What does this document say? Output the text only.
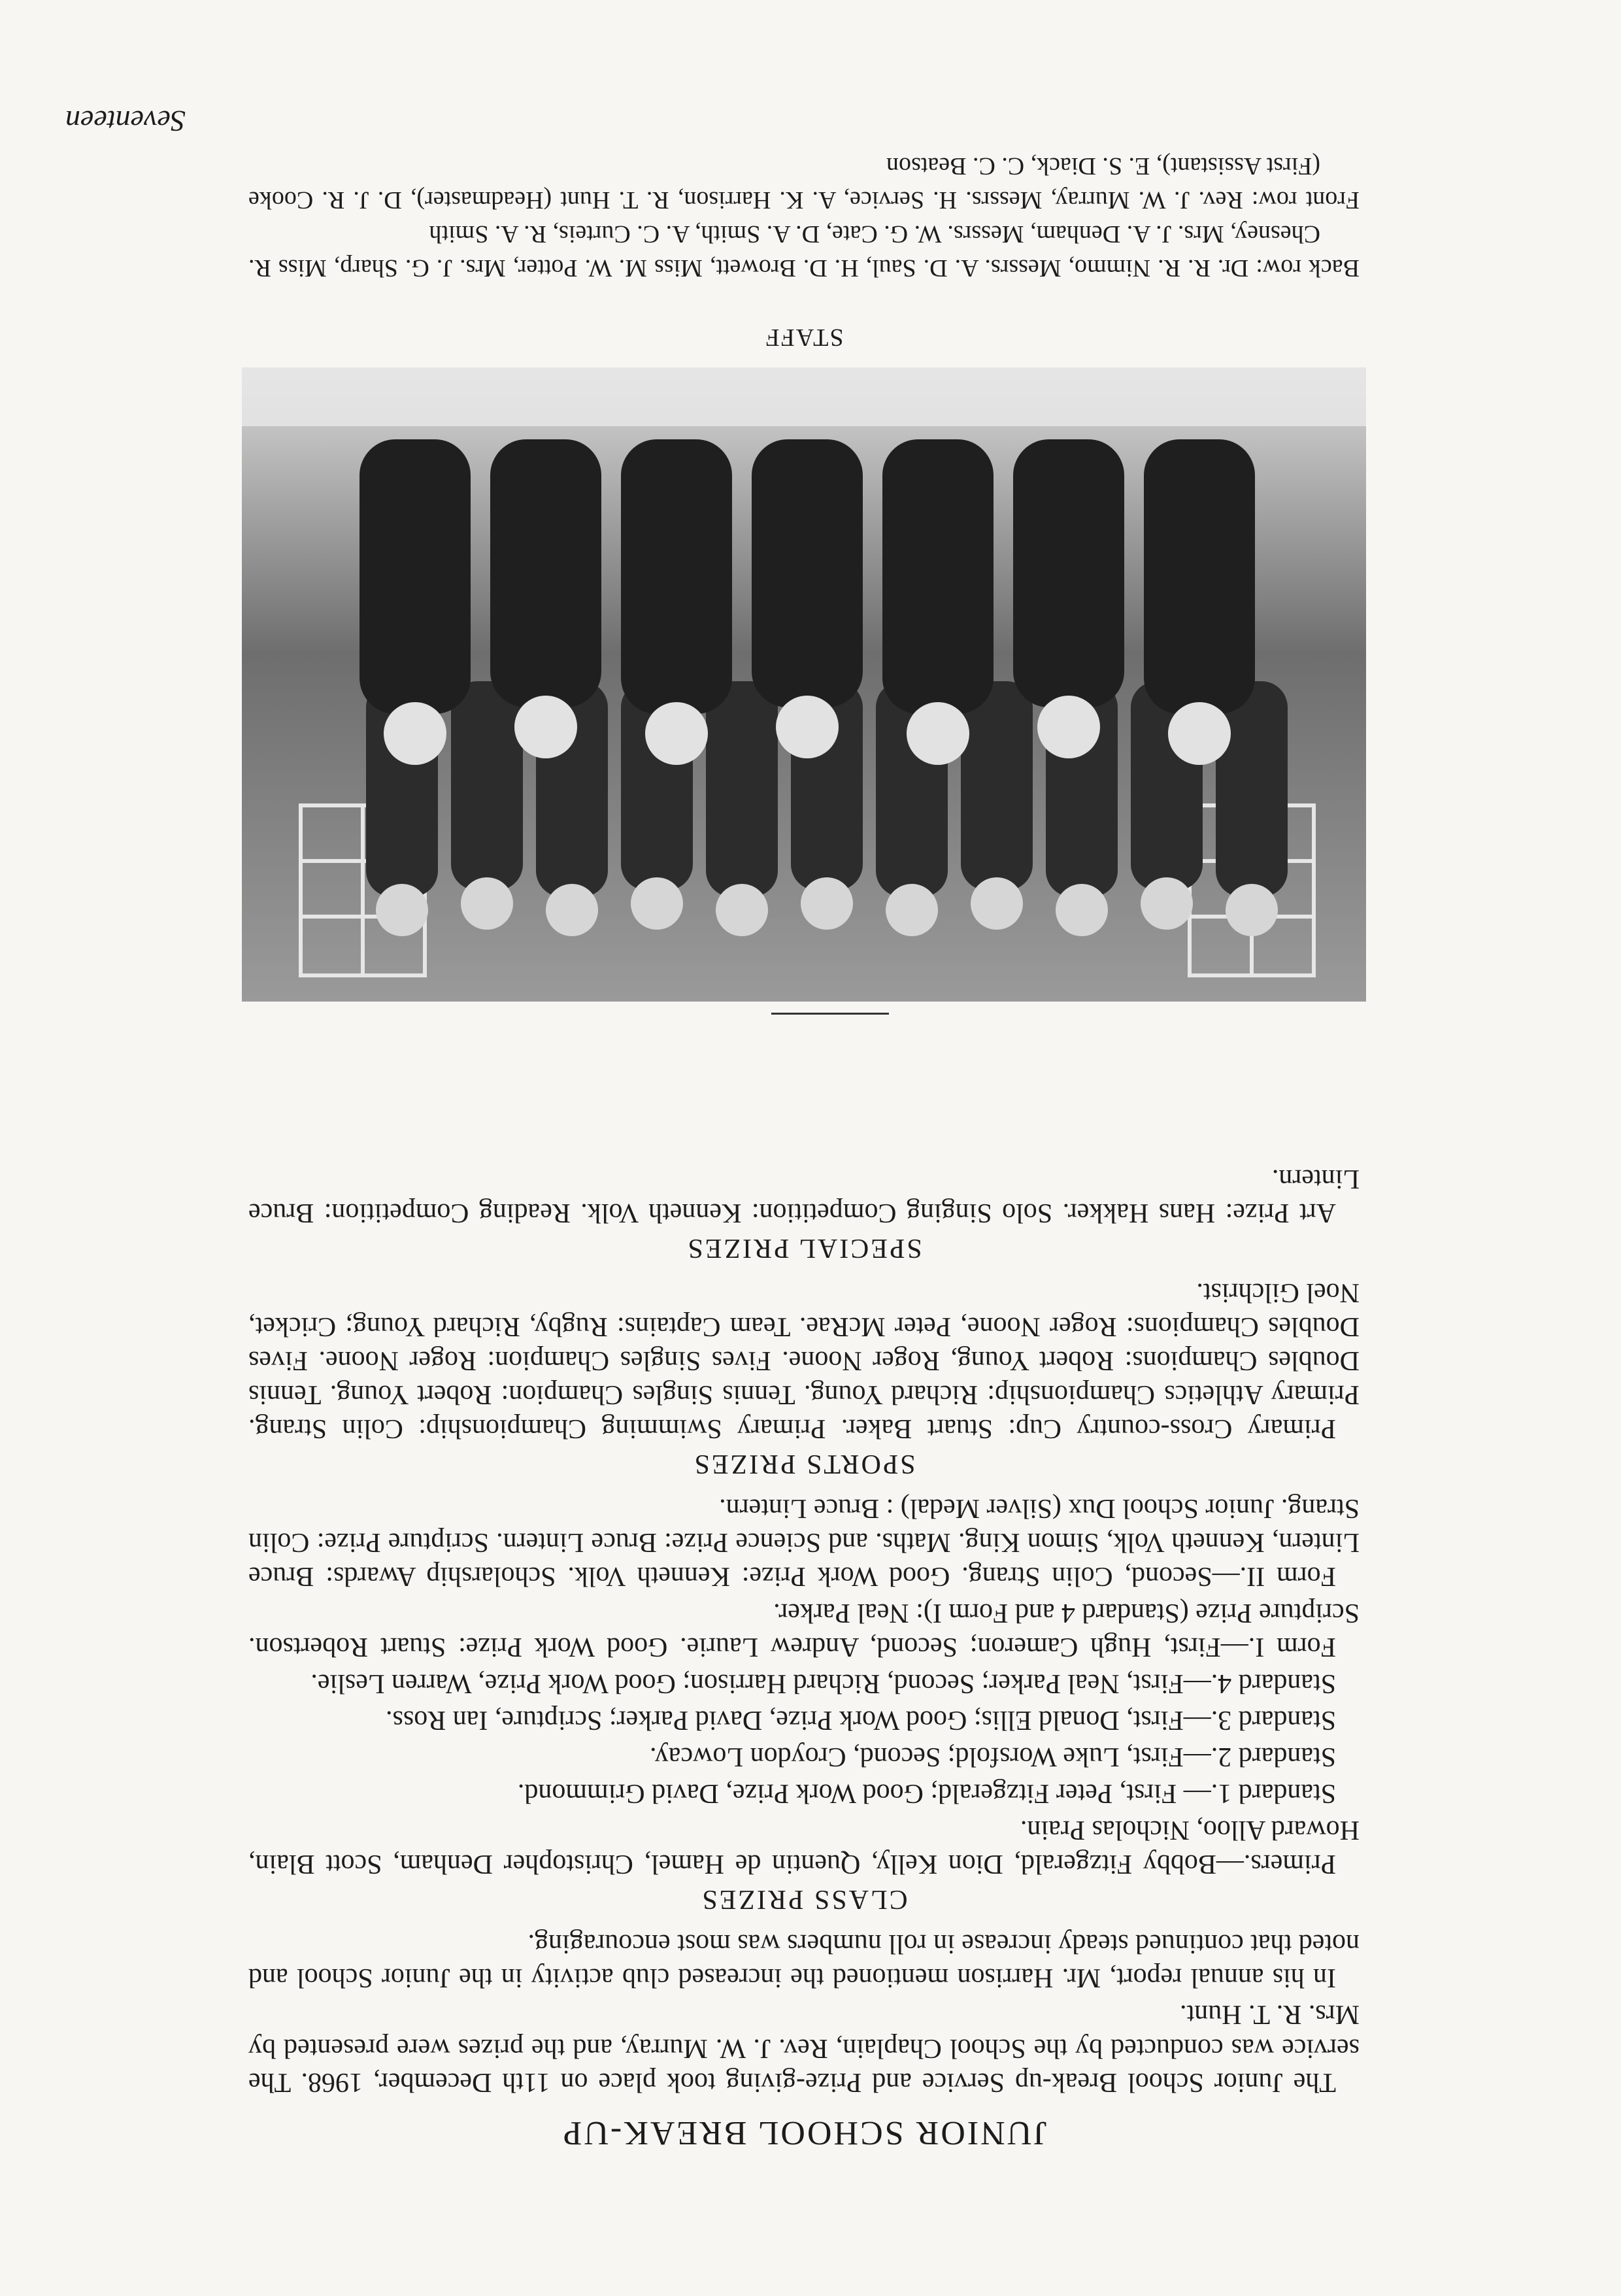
JUNIOR SCHOOL BREAK-UP

The Junior School Break-up Service and Prize-giving took place on 11th December, 1968. The service was conducted by the School Chaplain, Rev. J. W. Murray, and the prizes were presented by Mrs. R. T. Hunt.

In his annual report, Mr. Harrison mentioned the increased club activity in the Junior School and noted that continued steady increase in roll numbers was most encouraging.

CLASS PRIZES

Primers.—Bobby Fitzgerald, Dion Kelly, Quentin de Hamel, Christopher Denham, Scott Blain, Howard Alloo, Nicholas Prain.

Standard 1.— First, Peter Fitzgerald; Good Work Prize, David Grimmond.

Standard 2.—First, Luke Worsfold; Second, Croydon Lowcay.

Standard 3.—First, Donald Ellis; Good Work Prize, David Parker; Scripture, Ian Ross.

Standard 4.—First, Neal Parker; Second, Richard Harrison; Good Work Prize, Warren Leslie.

Form I.—First, Hugh Cameron; Second, Andrew Laurie. Good Work Prize: Stuart Robertson. Scripture Prize (Standard 4 and Form I): Neal Parker.

Form II.—Second, Colin Strang. Good Work Prize: Kenneth Volk. Scholarship Awards: Bruce Lintern, Kenneth Volk, Simon King. Maths. and Science Prize: Bruce Lintern. Scripture Prize: Colin Strang. Junior School Dux (Silver Medal) : Bruce Lintern.

SPORTS PRIZES

Primary Cross-country Cup: Stuart Baker. Primary Swimming Championship: Colin Strang. Primary Athletics Championship: Richard Young. Tennis Singles Champion: Robert Young. Tennis Doubles Champions: Robert Young, Roger Noone. Fives Singles Champion: Roger Noone. Fives Doubles Champions: Roger Noone, Peter McRae. Team Captains: Rugby, Richard Young; Cricket, Noel Gilchrist.

SPECIAL PRIZES

Art Prize: Hans Hakker. Solo Singing Competition: Kenneth Volk. Reading Competition: Bruce Lintern.

STAFF
Back row: Dr. R. R. Nimmo, Messrs. A. D. Saul, H. D. Browett, Miss M. W. Potter, Mrs. J. G. Sharp, Miss R. Chesney, Mrs. J. A. Denham, Messrs. W. G. Cate, D. A. Smith, A. C. Curteis, R. A. Smith
Front row: Rev. J. W. Murray, Messrs. H. Service, A. K. Harrison, R. T. Hunt (Headmaster), D. J. R. Cooke (First Assistant), E. S. Diack, C. C. Beatson
Seventeen
